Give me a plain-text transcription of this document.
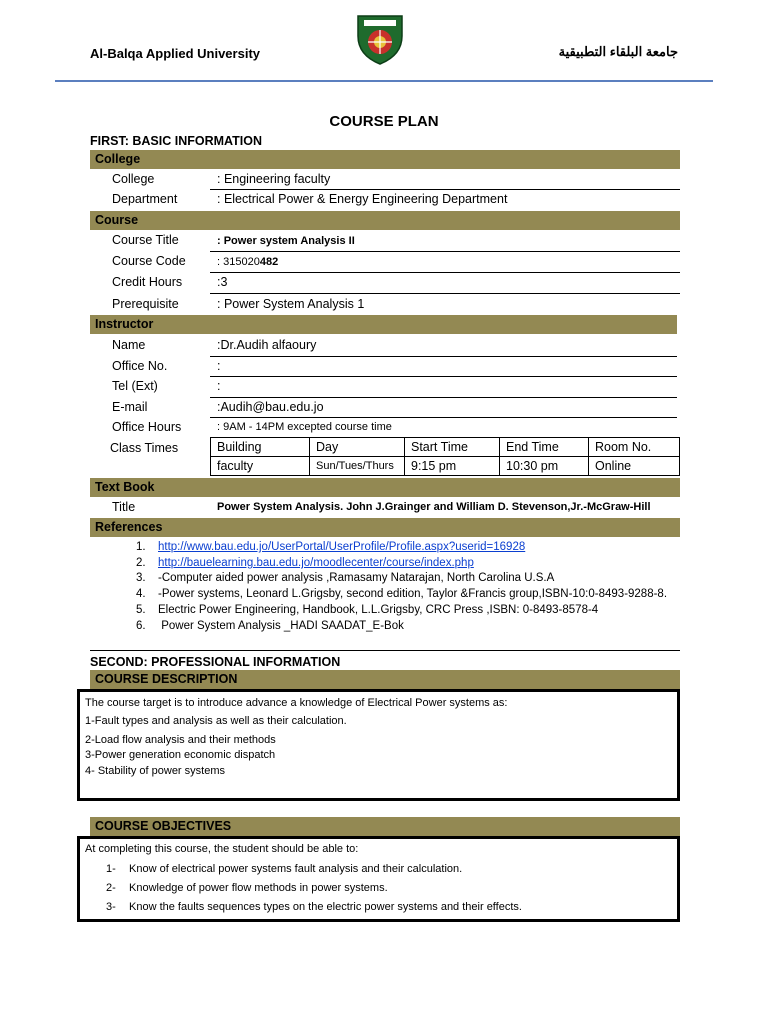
Al-Balqa Applied University	جامعة البلقاء التطبيقية
COURSE PLAN
FIRST: BASIC INFORMATION
College
College	: Engineering faculty
Department	: Electrical Power & Energy Engineering Department
Course
Course Title	: Power system Analysis II
Course Code	: 315020482
Credit Hours	:3
Prerequisite	: Power System Analysis 1
Instructor
Name	:Dr.Audih alfaoury
Office No.	:
Tel (Ext)	:
E-mail	:Audih@bau.edu.jo
Office Hours	: 9AM - 14PM excepted course time
Class Times	Building	Day	Start Time	End Time	Room No.
faculty	Sun/Tues/Thurs	9:15 pm	10:30 pm	Online
Text Book
Title	Power System Analysis. John J.Grainger and William D. Stevenson,Jr.-McGraw-Hill
References
1. http://www.bau.edu.jo/UserPortal/UserProfile/Profile.aspx?userid=16928
2. http://bauelearning.bau.edu.jo/moodlecenter/course/index.php
3. -Computer aided power analysis ,Ramasamy Natarajan, North Carolina U.S.A
4. -Power systems, Leonard L.Grigsby, second edition, Taylor &Francis group,ISBN-10:0-8493-9288-8.
5. Electric Power Engineering, Handbook, L.L.Grigsby, CRC Press ,ISBN: 0-8493-8578-4
6. Power System Analysis _HADI SAADAT_E-Bok
SECOND: PROFESSIONAL INFORMATION
COURSE DESCRIPTION
The course target is to introduce advance a knowledge of Electrical Power systems as:
1-Fault types and analysis as well as their calculation.
2-Load flow analysis and their methods
3-Power generation economic dispatch
4- Stability of power systems
COURSE OBJECTIVES
At completing this course, the student should be able to:
1- Know of electrical power systems fault analysis and their calculation.
2- Knowledge of power flow methods in power systems.
3- Know the faults sequences types on the electric power systems and their effects.
